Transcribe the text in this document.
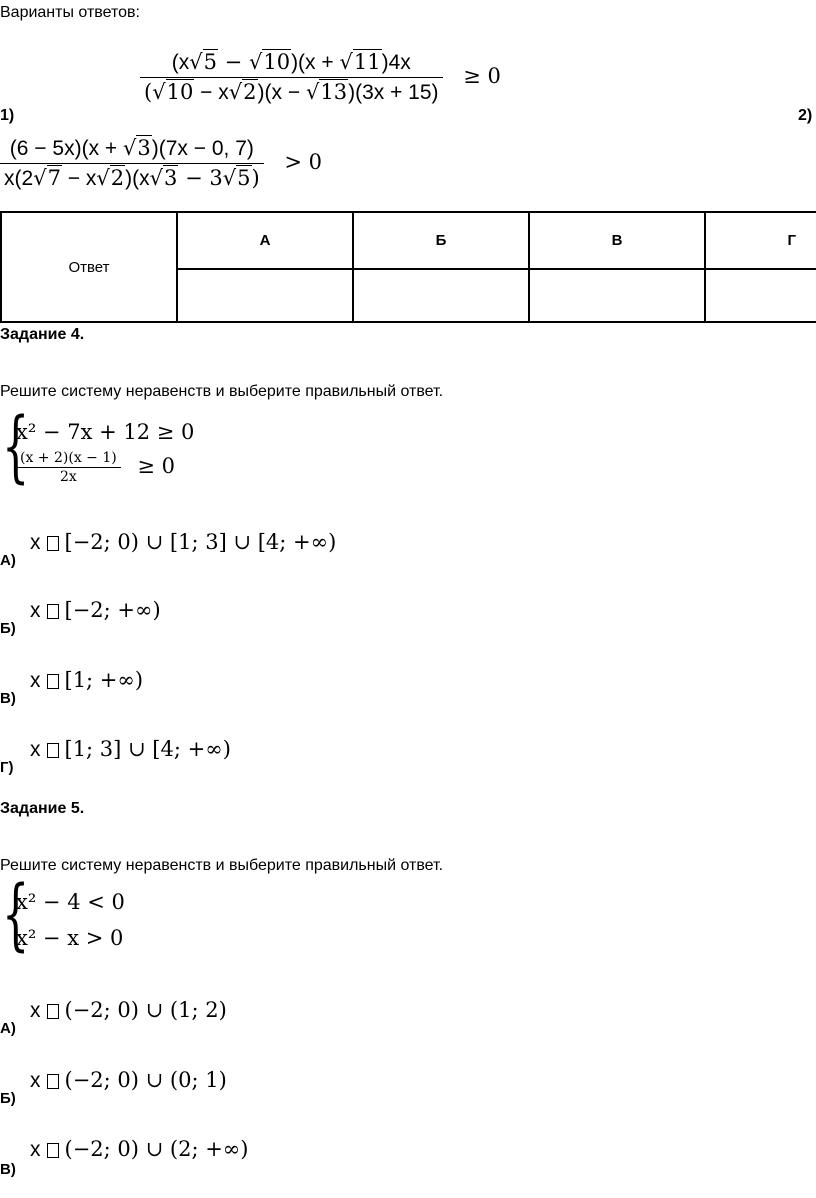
Варианты ответов:
$\frac{(x√5 - √10)(x + √11)4x}{(√10 - x√2)(x - √13)(3x + 15)} \ge 0$
1)	2)
$\frac{(6 - 5x)(x + √3)(7x - 0, 7)}{x(2√7 - x√2)(x√3 - 3√5)} > 0$
Ответ	А	Б	В	Г

Задание 4.
Решите систему неравенств и выберите правильный ответ.
{
x² − 7x + 12 ≥ 0
$\frac{(x + 2)(x - 1)}{2x} \ge 0$
А)
x [−2; 0) ∪ [1; 3] ∪ [4; +∞)
Б)
x [−2; +∞)
В)
x [1; +∞)
Г)
x [1; 3] ∪ [4; +∞)
Задание 5.
Решите систему неравенств и выберите правильный ответ.
{
x² − 4 < 0
x² − x > 0
А)
x (−2; 0) ∪ (1; 2)
Б)
x (−2; 0) ∪ (0; 1)
В)
x (−2; 0) ∪ (2; +∞)
